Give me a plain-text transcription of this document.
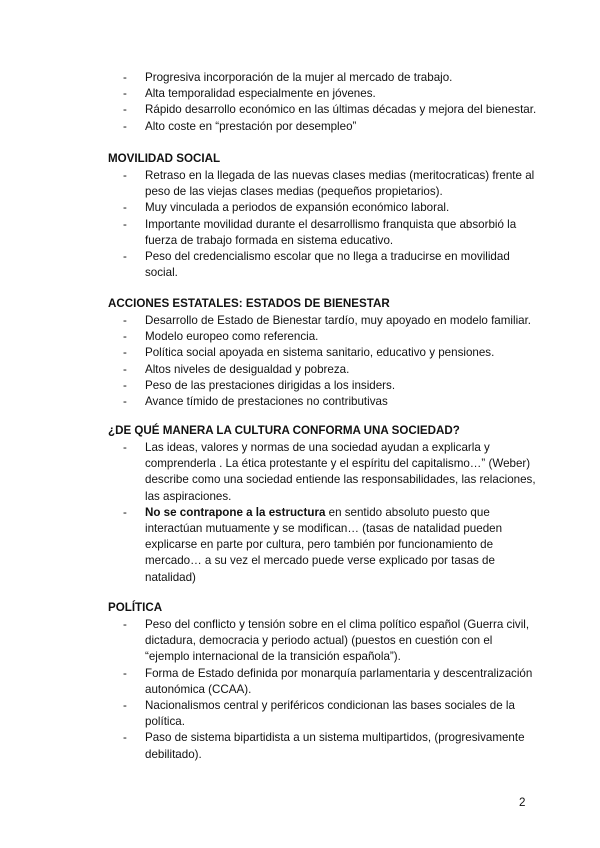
- Progresiva incorporación de la mujer al mercado de trabajo.
- Alta temporalidad especialmente en jóvenes.
- Rápido desarrollo económico en las últimas décadas y mejora del bienestar.
- Alto coste en “prestación por desempleo”
MOVILIDAD SOCIAL
- Retraso en la llegada de las nuevas clases medias (meritocraticas) frente al peso de las viejas clases medias (pequeños propietarios).
- Muy vinculada a periodos de expansión económico laboral.
- Importante movilidad durante el desarrollismo franquista que absorbió la fuerza de trabajo formada en sistema educativo.
- Peso del credencialismo escolar que no llega a traducirse en movilidad social.
ACCIONES ESTATALES: ESTADOS DE BIENESTAR
- Desarrollo de Estado de Bienestar tardío, muy apoyado en modelo familiar.
- Modelo europeo como referencia.
- Política social apoyada en sistema sanitario, educativo y pensiones.
- Altos niveles de desigualdad y pobreza.
- Peso de las prestaciones dirigidas a los insiders.
- Avance tímido de prestaciones no contributivas
¿DE QUÉ MANERA LA CULTURA CONFORMA UNA SOCIEDAD?
- Las ideas, valores y normas de una sociedad ayudan a explicarla y comprenderla . La ética protestante y el espíritu del capitalismo…” (Weber) describe como una sociedad entiende las responsabilidades, las relaciones, las aspiraciones.
- No se contrapone a la estructura en sentido absoluto puesto que interactúan mutuamente y se modifican… (tasas de natalidad pueden explicarse en parte por cultura, pero también por funcionamiento de mercado… a su vez el mercado puede verse explicado por tasas de natalidad)
POLÍTICA
- Peso del conflicto y tensión sobre en el clima político español (Guerra civil, dictadura, democracia y periodo actual) (puestos en cuestión con el “ejemplo internacional de la transición española”).
- Forma de Estado definida por monarquía parlamentaria y descentralización autonómica (CCAA).
- Nacionalismos central y periféricos condicionan las bases sociales de la política.
- Paso de sistema bipartidista a un sistema multipartidos, (progresivamente debilitado).
2
